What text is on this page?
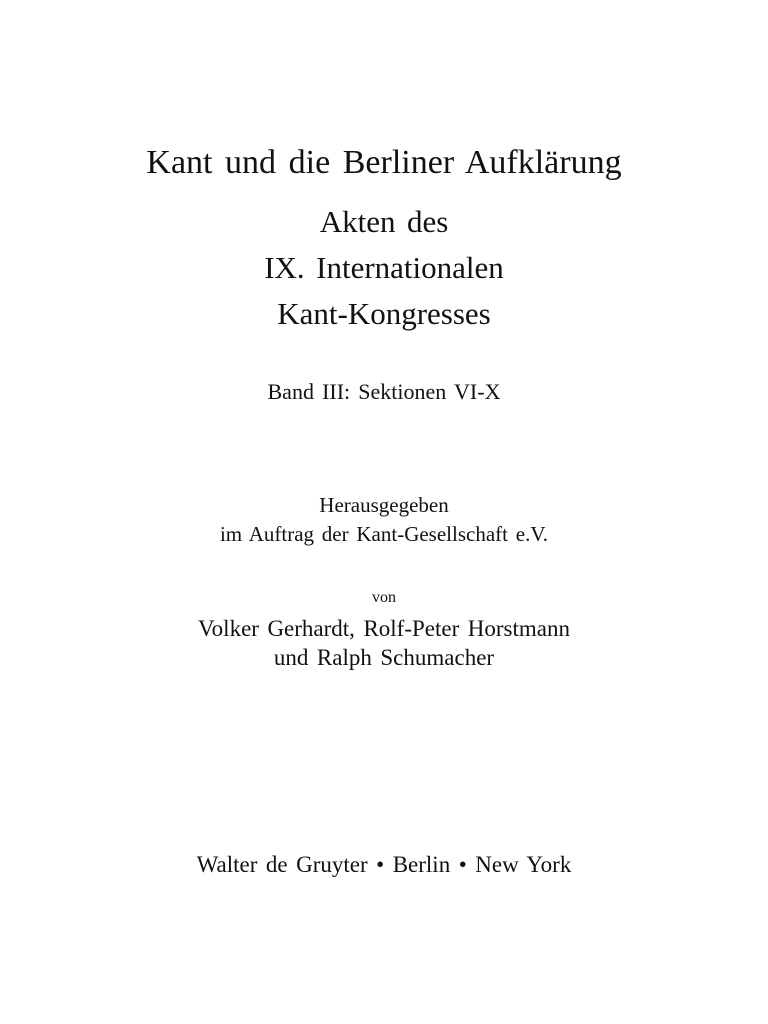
Kant und die Berliner Aufklärung
Akten des
IX. Internationalen
Kant-Kongresses
Band III: Sektionen VI-X
Herausgegeben
im Auftrag der Kant-Gesellschaft e.V.
von
Volker Gerhardt, Rolf-Peter Horstmann
und Ralph Schumacher
Walter de Gruyter • Berlin • New York
